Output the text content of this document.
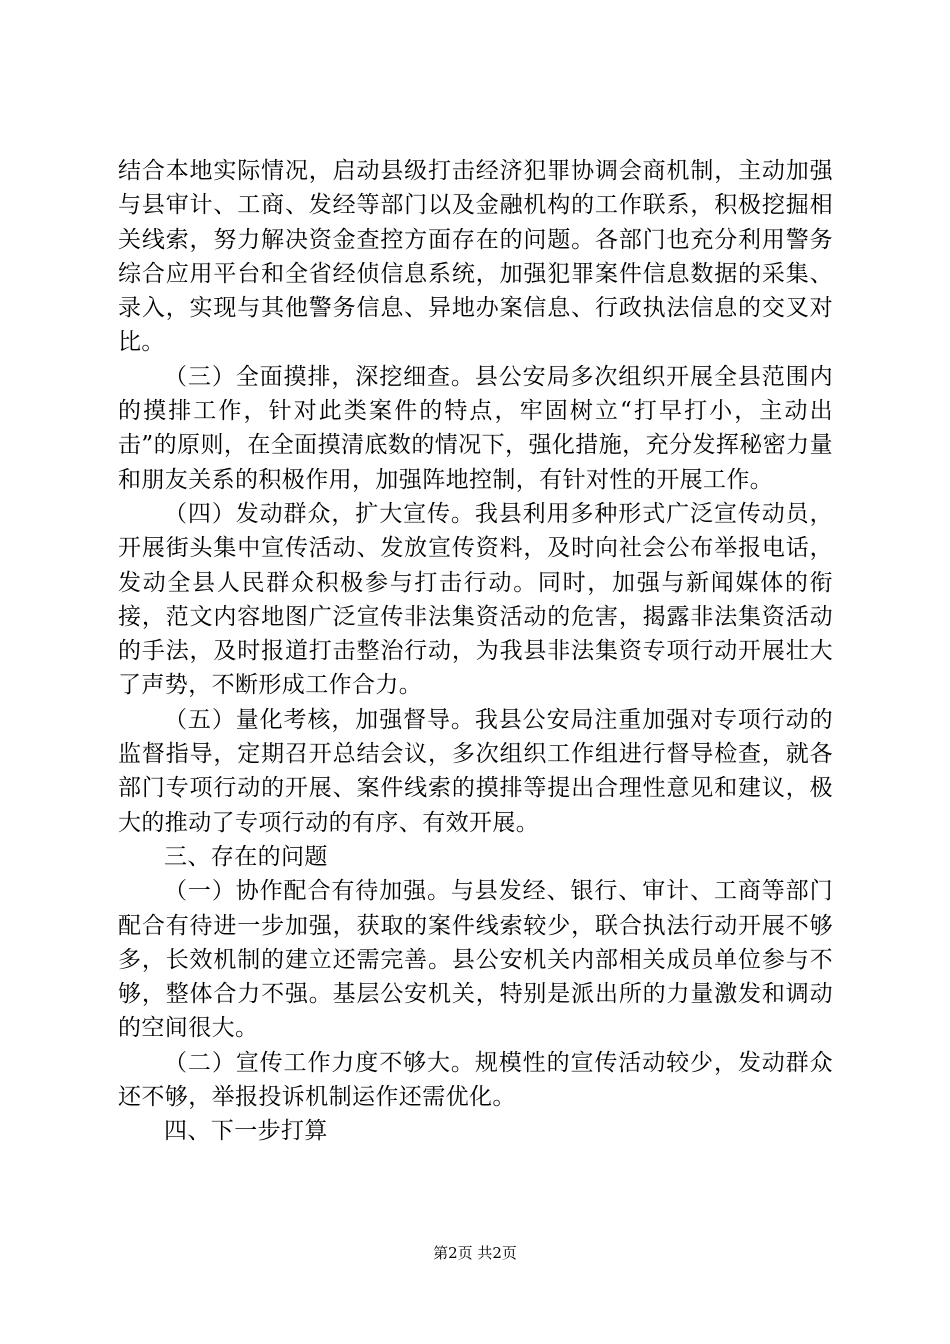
结合本地实际情况，启动县级打击经济犯罪协调会商机制，主动加强与县审计、工商、发经等部门以及金融机构的工作联系，积极挖掘相关线索，努力解决资金查控方面存在的问题。各部门也充分利用警务综合应用平台和全省经侦信息系统，加强犯罪案件信息数据的采集、录入，实现与其他警务信息、异地办案信息、行政执法信息的交叉对比。

（三）全面摸排，深挖细查。县公安局多次组织开展全县范围内的摸排工作，针对此类案件的特点，牢固树立“打早打小，主动出击”的原则，在全面摸清底数的情况下，强化措施，充分发挥秘密力量和朋友关系的积极作用，加强阵地控制，有针对性的开展工作。

（四）发动群众，扩大宣传。我县利用多种形式广泛宣传动员，开展街头集中宣传活动、发放宣传资料，及时向社会公布举报电话，发动全县人民群众积极参与打击行动。同时，加强与新闻媒体的衔接，范文内容地图广泛宣传非法集资活动的危害，揭露非法集资活动的手法，及时报道打击整治行动，为我县非法集资专项行动开展壮大了声势，不断形成工作合力。

（五）量化考核，加强督导。我县公安局注重加强对专项行动的监督指导，定期召开总结会议，多次组织工作组进行督导检查，就各部门专项行动的开展、案件线索的摸排等提出合理性意见和建议，极大的推动了专项行动的有序、有效开展。

三、存在的问题

（一）协作配合有待加强。与县发经、银行、审计、工商等部门配合有待进一步加强，获取的案件线索较少，联合执法行动开展不够多，长效机制的建立还需完善。县公安机关内部相关成员单位参与不够，整体合力不强。基层公安机关，特别是派出所的力量激发和调动的空间很大。

（二）宣传工作力度不够大。规模性的宣传活动较少，发动群众还不够，举报投诉机制运作还需优化。

四、下一步打算

第2页 共2页
